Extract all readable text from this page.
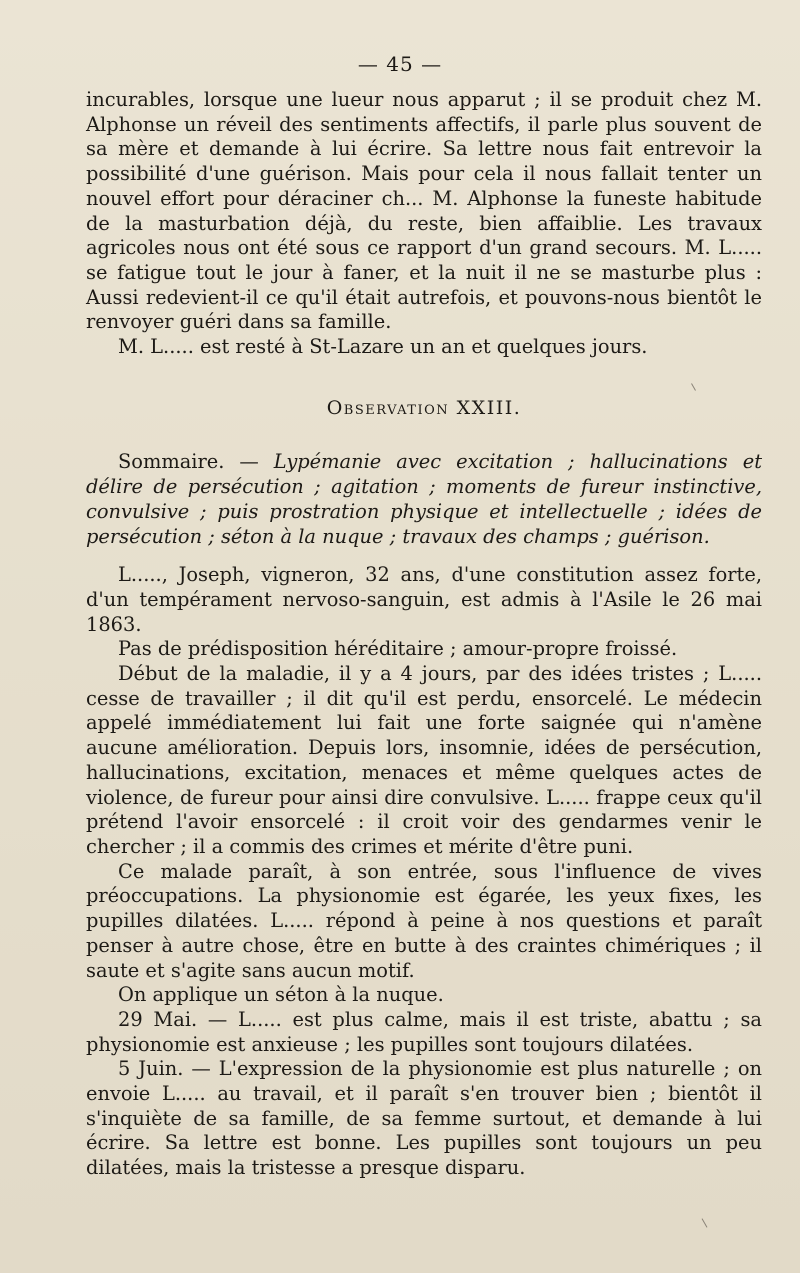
— 45 —

incurables, lorsque une lueur nous apparut ; il se produit chez M. Alphonse un réveil des sentiments affectifs, il parle plus souvent de sa mère et demande à lui écrire. Sa lettre nous fait entrevoir la possibilité d'une guérison. Mais pour cela il nous fallait tenter un nouvel effort pour déraciner ch... M. Alphonse la funeste habitude de la masturbation déjà, du reste, bien affaiblie. Les travaux agricoles nous ont été sous ce rapport d'un grand secours. M. L..... se fatigue tout le jour à faner, et la nuit il ne se masturbe plus : Aussi redevient-il ce qu'il était autrefois, et pouvons-nous bientôt le renvoyer guéri dans sa famille.

M. L..... est resté à St-Lazare un an et quelques jours.

Observation XXIII.

Sommaire. — Lypémanie avec excitation ; hallucinations et délire de persécution ; agitation ; moments de fureur instinctive, convulsive ; puis prostration physique et intellectuelle ; idées de persécution ; séton à la nuque ; travaux des champs ; guérison.

L....., Joseph, vigneron, 32 ans, d'une constitution assez forte, d'un tempérament nervoso-sanguin, est admis à l'Asile le 26 mai 1863.

Pas de prédisposition héréditaire ; amour-propre froissé.

Début de la maladie, il y a 4 jours, par des idées tristes ; L..... cesse de travailler ; il dit qu'il est perdu, ensorcelé. Le médecin appelé immédiatement lui fait une forte saignée qui n'amène aucune amélioration. Depuis lors, insomnie, idées de persécution, hallucinations, excitation, menaces et même quelques actes de violence, de fureur pour ainsi dire convulsive. L..... frappe ceux qu'il prétend l'avoir ensorcelé : il croit voir des gendarmes venir le chercher ; il a commis des crimes et mérite d'être puni.

Ce malade paraît, à son entrée, sous l'influence de vives préoccupations. La physionomie est égarée, les yeux fixes, les pupilles dilatées. L..... répond à peine à nos questions et paraît penser à autre chose, être en butte à des craintes chimériques ; il saute et s'agite sans aucun motif.

On applique un séton à la nuque.

29 Mai. — L..... est plus calme, mais il est triste, abattu ; sa physionomie est anxieuse ; les pupilles sont toujours dilatées.

5 Juin. — L'expression de la physionomie est plus naturelle ; on envoie L..... au travail, et il paraît s'en trouver bien ; bientôt il s'inquiète de sa famille, de sa femme surtout, et demande à lui écrire. Sa lettre est bonne. Les pupilles sont toujours un peu dilatées, mais la tristesse a presque disparu.
